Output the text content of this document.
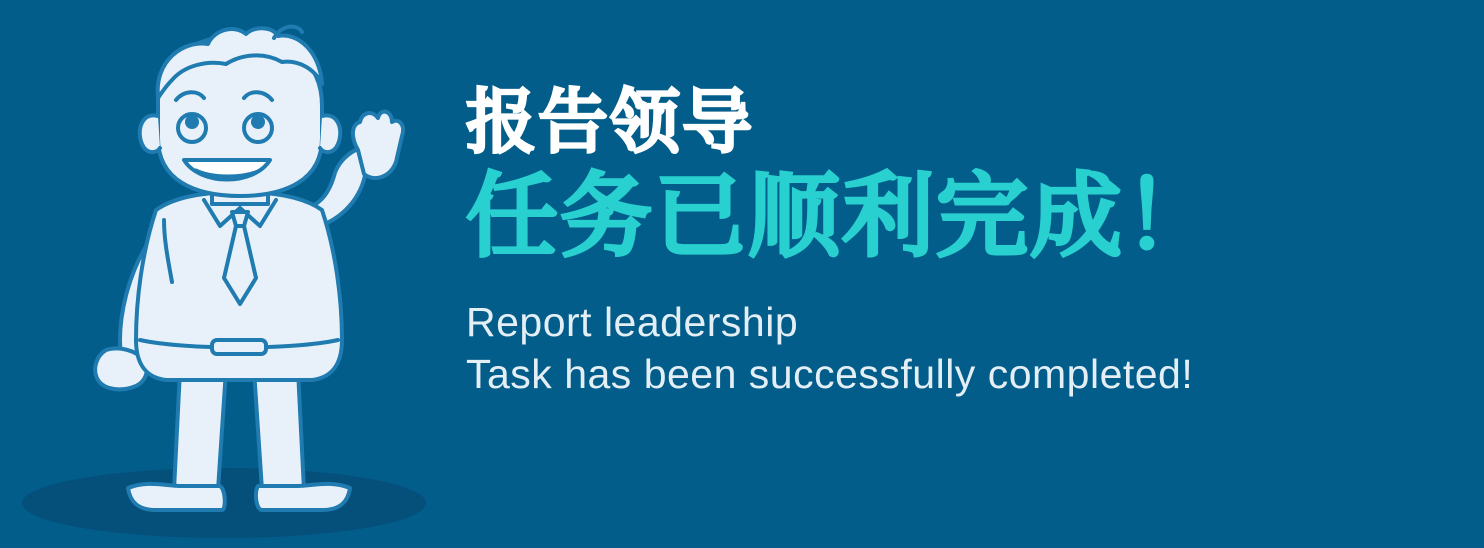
报告领导
任务已顺利完成！

Report leadership

Task has been successfully completed!
